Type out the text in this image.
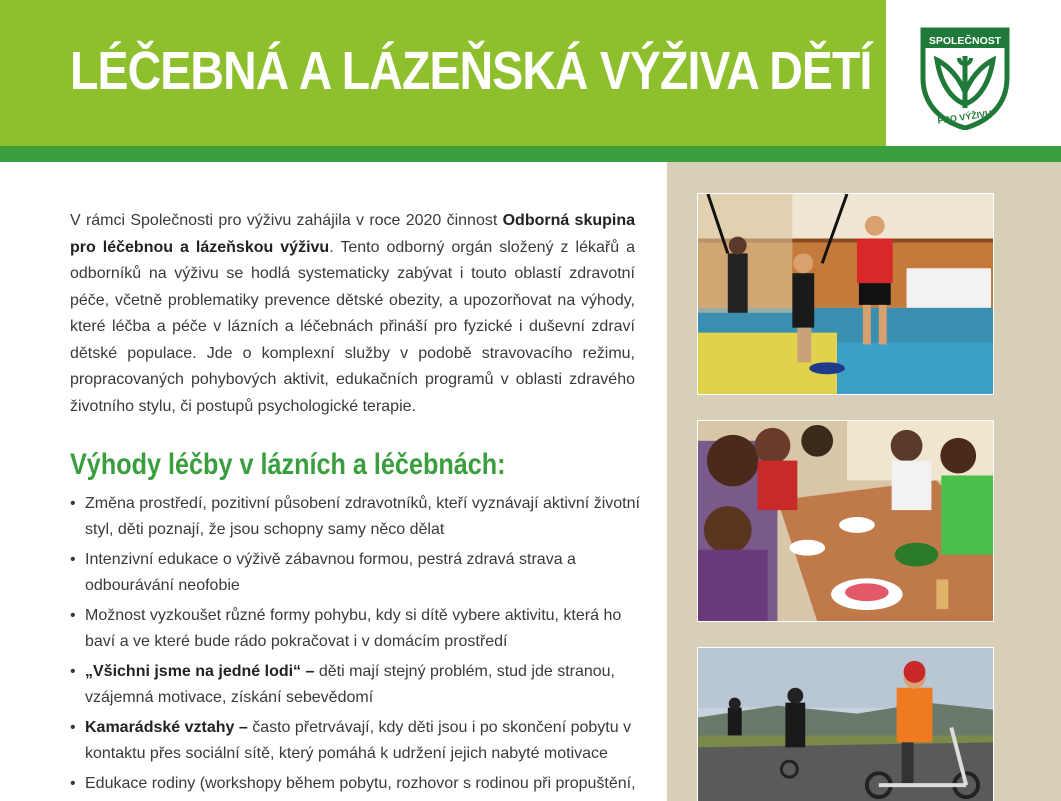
LÉČEBNÁ A LÁZEŇSKÁ VÝŽIVA DĚTÍ	SPOLEČNOST
PRO VÝŽIVU

V rámci Společnosti pro výživu zahájila v roce 2020 činnost Odborná skupina pro léčebnou a lázeňskou výživu. Tento odborný orgán složený z lékařů a odborníků na výživu se hodlá systematicky zabývat i touto oblastí zdravotní péče, včetně problematiky prevence dětské obezity, a upozorňovat na výhody, které léčba a péče v lázních a léčebnách přináší pro fyzické i duševní zdraví dětské populace. Jde o komplexní služby v podobě stravovacího režimu, propracovaných pohybových aktivit, edukačních programů v oblasti zdravého životního stylu, či postupů psychologické terapie.

Výhody léčby v lázních a léčebnách:
• Změna prostředí, pozitivní působení zdravotníků, kteří vyznávají aktivní životní styl, děti poznají, že jsou schopny samy něco dělat
• Intenzivní edukace o výživě zábavnou formou, pestrá zdravá strava a odbourávání neofobie
• Možnost vyzkoušet různé formy pohybu, kdy si dítě vybere aktivitu, která ho baví a ve které bude rádo pokračovat i v domácím prostředí
• „Všichni jsme na jedné lodi“ – děti mají stejný problém, stud jde stranou, vzájemná motivace, získání sebevědomí
• Kamarádské vztahy – často přetrvávají, kdy děti jsou i po skončení pobytu v kontaktu přes sociální sítě, který pomáhá k udržení jejich nabyté motivace
• Edukace rodiny (workshopy během pobytu, rozhovor s rodinou při propuštění,
